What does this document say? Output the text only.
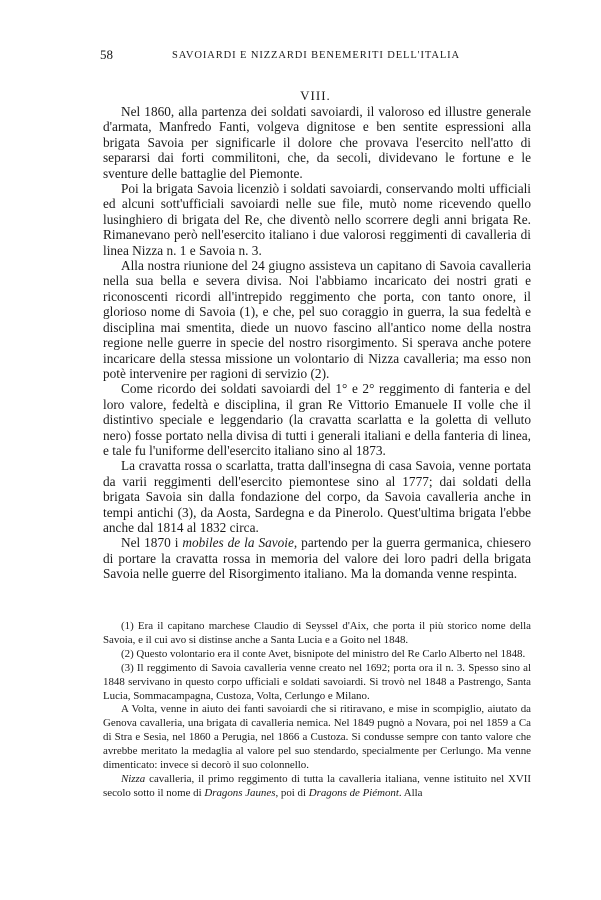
58	SAVOIARDI E NIZZARDI BENEMERITI DELL'ITALIA
VIII.

Nel 1860, alla partenza dei soldati savoiardi, il valoroso ed illustre generale d'armata, Manfredo Fanti, volgeva dignitose e ben sentite espressioni alla brigata Savoia per significarle il dolore che provava l'esercito nell'atto di separarsi dai forti commilitoni, che, da secoli, dividevano le fortune e le sventure delle battaglie del Piemonte.

Poi la brigata Savoia licenziò i soldati savoiardi, conservando molti ufficiali ed alcuni sott'ufficiali savoiardi nelle sue file, mutò nome ricevendo quello lusinghiero di brigata del Re, che diventò nello scorrere degli anni brigata Re. Rimanevano però nell'esercito italiano i due valorosi reggimenti di cavalleria di linea Nizza n. 1 e Savoia n. 3.

Alla nostra riunione del 24 giugno assisteva un capitano di Savoia cavalleria nella sua bella e severa divisa. Noi l'abbiamo incaricato dei nostri grati e riconoscenti ricordi all'intrepido reggimento che porta, con tanto onore, il glorioso nome di Savoia (1), e che, pel suo coraggio in guerra, la sua fedeltà e disciplina mai smentita, diede un nuovo fascino all'antico nome della nostra regione nelle guerre in specie del nostro risorgimento. Si sperava anche potere incaricare della stessa missione un volontario di Nizza cavalleria; ma esso non potè intervenire per ragioni di servizio (2).

Come ricordo dei soldati savoiardi del 1° e 2° reggimento di fanteria e del loro valore, fedeltà e disciplina, il gran Re Vittorio Emanuele II volle che il distintivo speciale e leggendario (la cravatta scarlatta e la goletta di velluto nero) fosse portato nella divisa di tutti i generali italiani e della fanteria di linea, e tale fu l'uniforme dell'esercito italiano sino al 1873.

La cravatta rossa o scarlatta, tratta dall'insegna di casa Savoia, venne portata da varii reggimenti dell'esercito piemontese sino al 1777; dai soldati della brigata Savoia sin dalla fondazione del corpo, da Savoia cavalleria anche in tempi antichi (3), da Aosta, Sardegna e da Pinerolo. Quest'ultima brigata l'ebbe anche dal 1814 al 1832 circa.

Nel 1870 i mobiles de la Savoie, partendo per la guerra germanica, chiesero di portare la cravatta rossa in memoria del valore dei loro padri della brigata Savoia nelle guerre del Risorgimento italiano. Ma la domanda venne respinta.

(1) Era il capitano marchese Claudio di Seyssel d'Aix, che porta il più storico nome della Savoia, e il cui avo si distinse anche a Santa Lucia e a Goito nel 1848.

(2) Questo volontario era il conte Avet, bisnipote del ministro del Re Carlo Alberto nel 1848.

(3) Il reggimento di Savoia cavalleria venne creato nel 1692; porta ora il n. 3. Spesso sino al 1848 servivano in questo corpo ufficiali e soldati savoiardi. Si trovò nel 1848 a Pastrengo, Santa Lucia, Sommacampagna, Custoza, Volta, Cerlungo e Milano.

A Volta, venne in aiuto dei fanti savoiardi che si ritiravano, e mise in scompiglio, aiutato da Genova cavalleria, una brigata di cavalleria nemica. Nel 1849 pugnò a Novara, poi nel 1859 a Ca di Stra e Sesia, nel 1860 a Perugia, nel 1866 a Custoza. Si condusse sempre con tanto valore che avrebbe meritato la medaglia al valore pel suo stendardo, specialmente per Cerlungo. Ma venne dimenticato: invece si decorò il suo colonnello.

Nizza cavalleria, il primo reggimento di tutta la cavalleria italiana, venne istituito nel XVII secolo sotto il nome di Dragons Jaunes, poi di Dragons de Piémont. Alla
